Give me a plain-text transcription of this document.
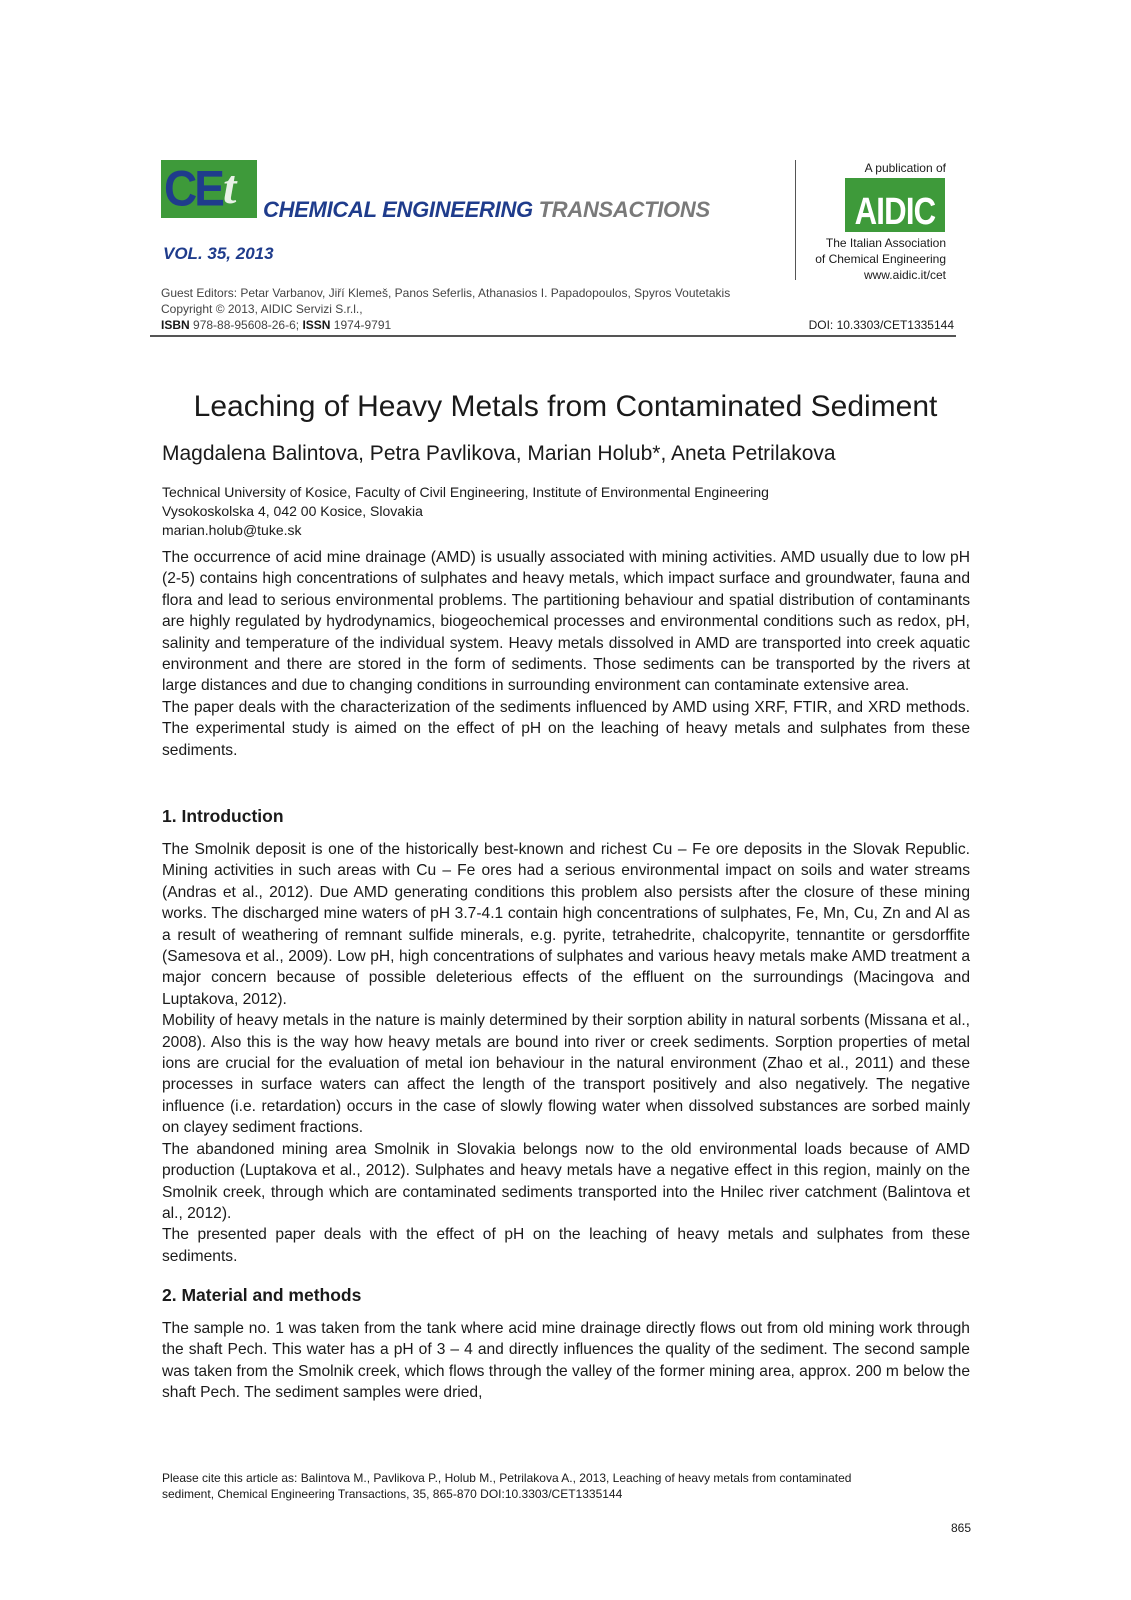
CE t CHEMICAL ENGINEERING TRANSACTIONS
VOL. 35, 2013
A publication of
AIDIC
The Italian Association
of Chemical Engineering
www.aidic.it/cet
Guest Editors: Petar Varbanov, Jiří Klemeš, Panos Seferlis, Athanasios I. Papadopoulos, Spyros Voutetakis
Copyright © 2013, AIDIC Servizi S.r.l.,
ISBN 978-88-95608-26-6; ISSN 1974-9791	DOI: 10.3303/CET1335144
Leaching of Heavy Metals from Contaminated Sediment
Magdalena Balintova, Petra Pavlikova, Marian Holub*, Aneta Petrilakova
Technical University of Kosice, Faculty of Civil Engineering, Institute of Environmental Engineering
Vysokoskolska 4, 042 00 Kosice, Slovakia
marian.holub@tuke.sk

The occurrence of acid mine drainage (AMD) is usually associated with mining activities. AMD usually due to low pH (2-5) contains high concentrations of sulphates and heavy metals, which impact surface and groundwater, fauna and flora and lead to serious environmental problems. The partitioning behaviour and spatial distribution of contaminants are highly regulated by hydrodynamics, biogeochemical processes and environmental conditions such as redox, pH, salinity and temperature of the individual system. Heavy metals dissolved in AMD are transported into creek aquatic environment and there are stored in the form of sediments. Those sediments can be transported by the rivers at large distances and due to changing conditions in surrounding environment can contaminate extensive area.

The paper deals with the characterization of the sediments influenced by AMD using XRF, FTIR, and XRD methods. The experimental study is aimed on the effect of pH on the leaching of heavy metals and sulphates from these sediments.

1. Introduction

The Smolnik deposit is one of the historically best-known and richest Cu – Fe ore deposits in the Slovak Republic. Mining activities in such areas with Cu – Fe ores had a serious environmental impact on soils and water streams (Andras et al., 2012). Due AMD generating conditions this problem also persists after the closure of these mining works. The discharged mine waters of pH 3.7-4.1 contain high concentrations of sulphates, Fe, Mn, Cu, Zn and Al as a result of weathering of remnant sulfide minerals, e.g. pyrite, tetrahedrite, chalcopyrite, tennantite or gersdorffite (Samesova et al., 2009). Low pH, high concentrations of sulphates and various heavy metals make AMD treatment a major concern because of possible deleterious effects of the effluent on the surroundings (Macingova and Luptakova, 2012).

Mobility of heavy metals in the nature is mainly determined by their sorption ability in natural sorbents (Missana et al., 2008). Also this is the way how heavy metals are bound into river or creek sediments. Sorption properties of metal ions are crucial for the evaluation of metal ion behaviour in the natural environment (Zhao et al., 2011) and these processes in surface waters can affect the length of the transport positively and also negatively. The negative influence (i.e. retardation) occurs in the case of slowly flowing water when dissolved substances are sorbed mainly on clayey sediment fractions.

The abandoned mining area Smolnik in Slovakia belongs now to the old environmental loads because of AMD production (Luptakova et al., 2012). Sulphates and heavy metals have a negative effect in this region, mainly on the Smolnik creek, through which are contaminated sediments transported into the Hnilec river catchment (Balintova et al., 2012).

The presented paper deals with the effect of pH on the leaching of heavy metals and sulphates from these sediments.

2. Material and methods

The sample no. 1 was taken from the tank where acid mine drainage directly flows out from old mining work through the shaft Pech. This water has a pH of 3 – 4 and directly influences the quality of the sediment. The second sample was taken from the Smolnik creek, which flows through the valley of the former mining area, approx. 200 m below the shaft Pech. The sediment samples were dried,

Please cite this article as: Balintova M., Pavlikova P., Holub M., Petrilakova A., 2013, Leaching of heavy metals from contaminated
sediment, Chemical Engineering Transactions, 35, 865-870 DOI:10.3303/CET1335144
865
